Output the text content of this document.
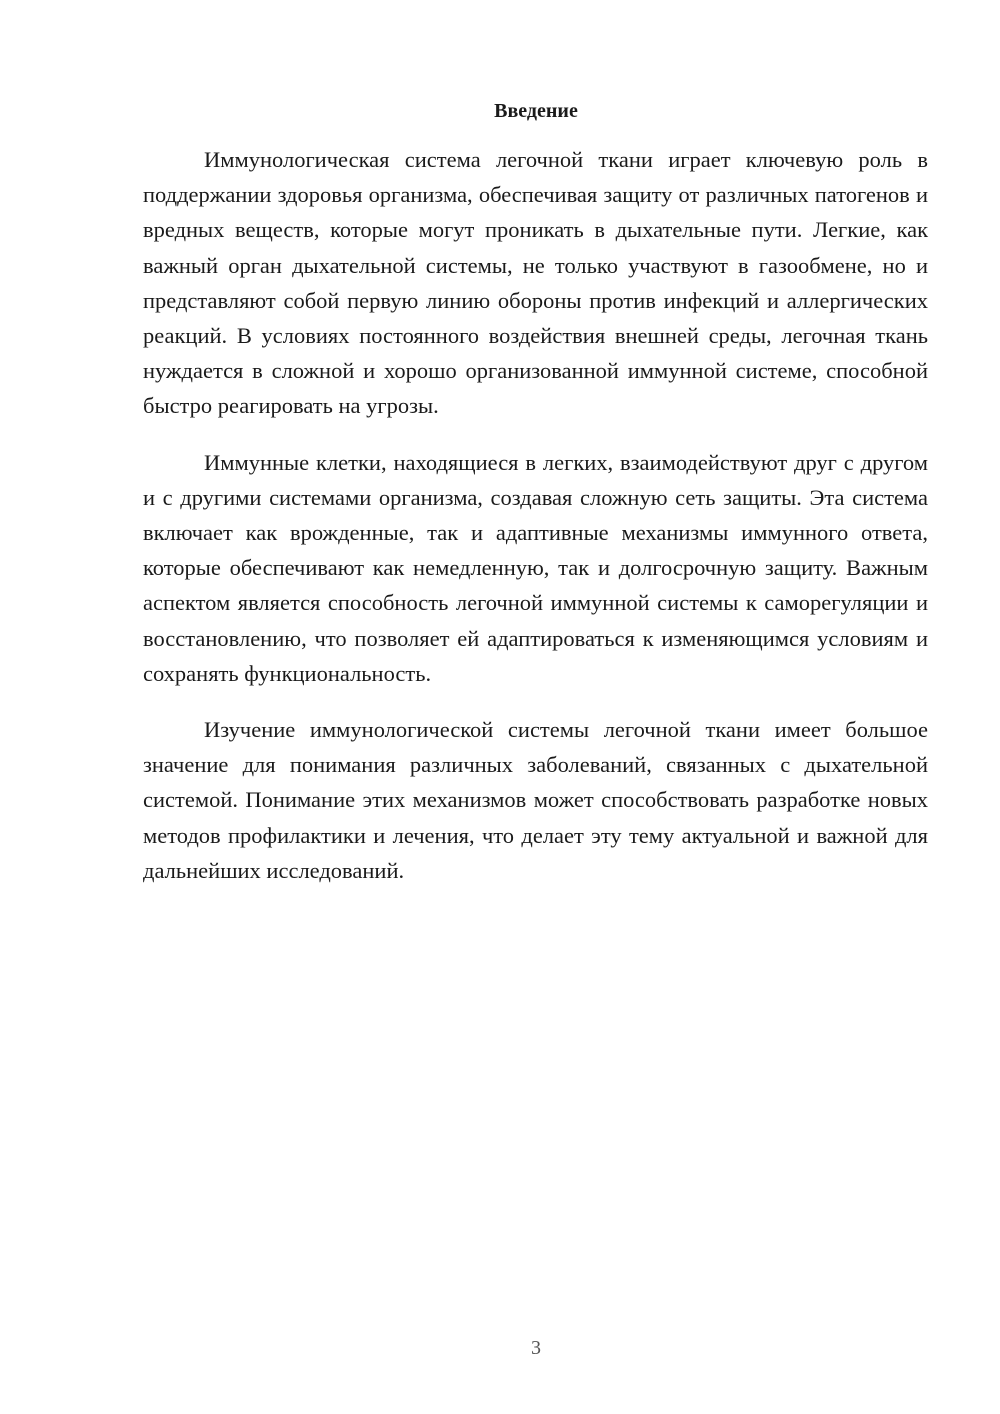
Введение

Иммунологическая система легочной ткани играет ключевую роль в поддержании здоровья организма, обеспечивая защиту от различных патогенов и вредных веществ, которые могут проникать в дыхательные пути. Легкие, как важный орган дыхательной системы, не только участвуют в газообмене, но и представляют собой первую линию обороны против инфекций и аллергических реакций. В условиях постоянного воздействия внешней среды, легочная ткань нуждается в сложной и хорошо организованной иммунной системе, способной быстро реагировать на угрозы.

Иммунные клетки, находящиеся в легких, взаимодействуют друг с другом и с другими системами организма, создавая сложную сеть защиты. Эта система включает как врожденные, так и адаптивные механизмы иммунного ответа, которые обеспечивают как немедленную, так и долгосрочную защиту. Важным аспектом является способность легочной иммунной системы к саморегуляции и восстановлению, что позволяет ей адаптироваться к изменяющимся условиям и сохранять функциональность.

Изучение иммунологической системы легочной ткани имеет большое значение для понимания различных заболеваний, связанных с дыхательной системой. Понимание этих механизмов может способствовать разработке новых методов профилактики и лечения, что делает эту тему актуальной и важной для дальнейших исследований.

3
